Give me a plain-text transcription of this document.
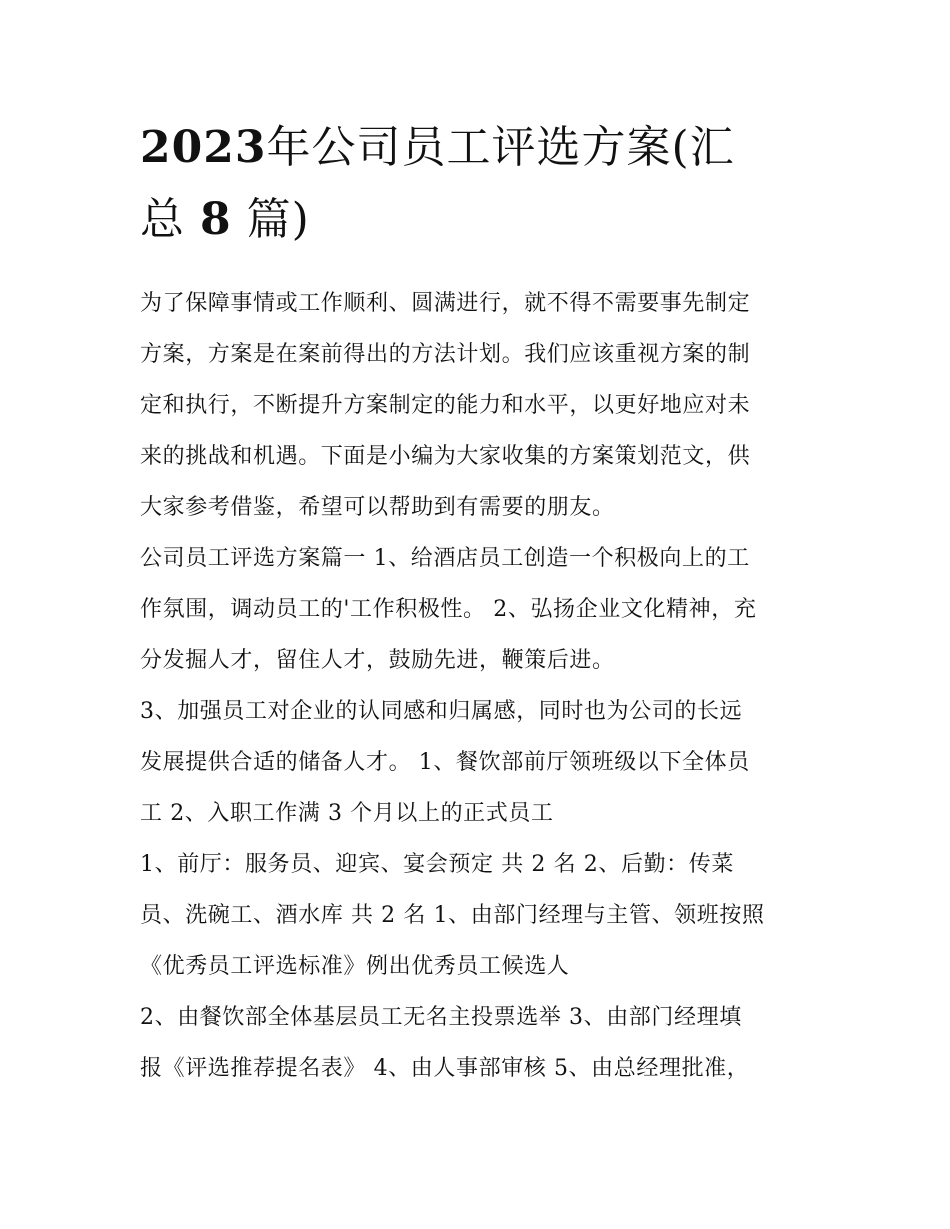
2023年公司员工评选方案(汇
总 8 篇)

为了保障事情或工作顺利、圆满进行，就不得不需要事先制定
方案，方案是在案前得出的方法计划。我们应该重视方案的制
定和执行，不断提升方案制定的能力和水平，以更好地应对未
来的挑战和机遇。下面是小编为大家收集的方案策划范文，供
大家参考借鉴，希望可以帮助到有需要的朋友。

公司员工评选方案篇一 1、给酒店员工创造一个积极向上的工
作氛围，调动员工的'工作积极性。 2、弘扬企业文化精神，充
分发掘人才，留住人才，鼓励先进，鞭策后进。

3、加强员工对企业的认同感和归属感，同时也为公司的长远
发展提供合适的储备人才。 1、餐饮部前厅领班级以下全体员
工 2、入职工作满 3 个月以上的正式员工

1、前厅：服务员、迎宾、宴会预定 共 2 名 2、后勤：传菜
员、洗碗工、酒水库 共 2 名 1、由部门经理与主管、领班按照
《优秀员工评选标准》例出优秀员工候选人

2、由餐饮部全体基层员工无名主投票选举 3、由部门经理填
报《评选推荐提名表》 4、由人事部审核 5、由总经理批准，
